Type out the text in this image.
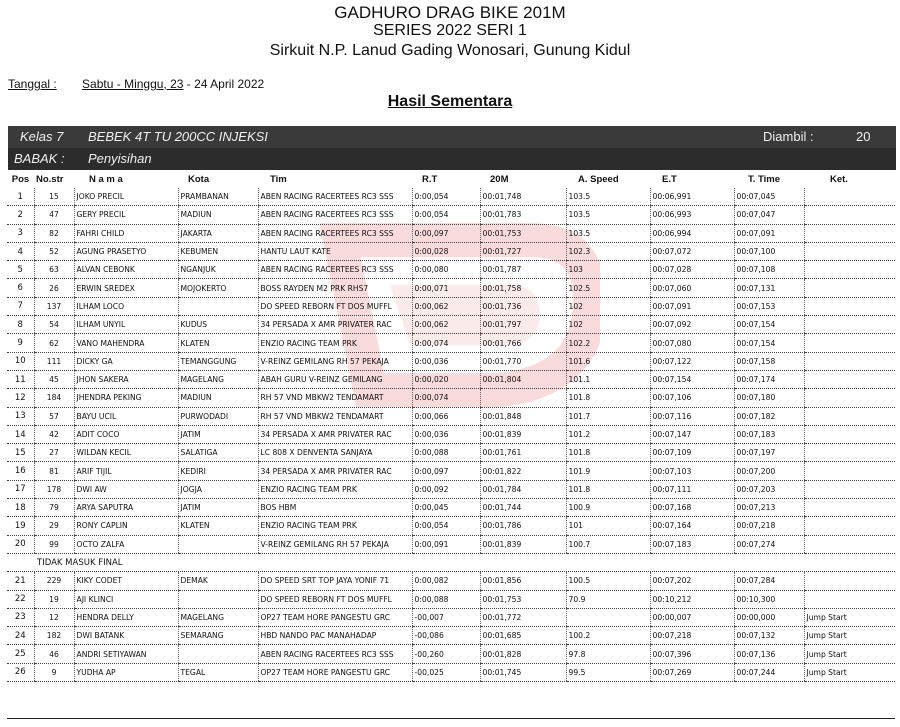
GADHURO DRAG BIKE 201M
SERIES 2022 SERI 1
Sirkuit N.P. Lanud Gading Wonosari, Gunung Kidul
Tanggal : Sabtu - Minggu, 23 - 24 April 2022
Hasil Sementara
Kelas 7 BEBEK 4T TU 200CC INJEKSI	Diambil :	20
BABAK : Penyisihan
Pos	No.str	N a m a	Kota	Tim	R.T	20M	A. Speed	E.T	T. Time	Ket.
1	15	JOKO PRECIL	PRAMBANAN	ABEN RACING RACERTEES RC3 SSS	0:00,054	00:01,748	103.5	00:06,991	00:07,045	
2	47	GERY PRECIL	MADIUN	ABEN RACING RACERTEES RC3 SSS	0:00,054	00:01,783	103.5	00:06,993	00:07,047	
3	82	FAHRI CHILD	JAKARTA	ABEN RACING RACERTEES RC3 SSS	0:00,097	00:01,753	103.5	00:06,994	00:07,091	
4	52	AGUNG PRASETYO	KEBUMEN	HANTU LAUT KATE	0:00,028	00:01,727	102.3	00:07,072	00:07,100	
5	63	ALVAN CEBONK	NGANJUK	ABEN RACING RACERTEES RC3 SSS	0:00,080	00:01,787	103	00:07,028	00:07,108	
6	26	ERWIN SREDEX	MOJOKERTO	BOSS RAYDEN M2 PRK RHS7	0:00,071	00:01,758	102.5	00:07,060	00:07,131	
7	137	ILHAM LOCO		DO SPEED REBORN FT DOS MUFFL	0:00,062	00:01,736	102	00:07,091	00:07,153	
8	54	ILHAM UNYIL	KUDUS	34 PERSADA X AMR PRIVATER RAC	0:00,062	00:01,797	102	00:07,092	00:07,154	
9	62	VANO MAHENDRA	KLATEN	ENZIO RACING TEAM PRK	0:00,074	00:01,766	102.2	00:07,080	00:07,154	
10	111	DICKY GA	TEMANGGUNG	V-REINZ GEMILANG RH 57 PEKAJA	0:00,036	00:01,770	101.6	00:07,122	00:07,158	
11	45	JHON SAKERA	MAGELANG	ABAH GURU V-REINZ GEMILANG	0:00,020	00:01,804	101.1	00:07,154	00:07,174	
12	184	JHENDRA PEKING	MADIUN	RH 57 VND MBKW2 TENDAMART	0:00,074		101.8	00:07,106	00:07,180	
13	57	BAYU UCIL	PURWODADI	RH 57 VND MBKW2 TENDAMART	0:00,066	00:01,848	101.7	00:07,116	00:07,182	
14	42	ADIT COCO	JATIM	34 PERSADA X AMR PRIVATER RAC	0:00,036	00:01,839	101.2	00:07,147	00:07,183	
15	27	WILDAN KECIL	SALATIGA	LC 808 X DENVENTA SANJAYA	0:00,088	00:01,761	101.8	00:07,109	00:07,197	
16	81	ARIF TIJIL	KEDIRI	34 PERSADA X AMR PRIVATER RAC	0:00,097	00:01,822	101.9	00:07,103	00:07,200	
17	178	DWI AW	JOGJA	ENZIO RACING TEAM PRK	0:00,092	00:01,784	101.8	00:07,111	00:07,203	
18	79	ARYA SAPUTRA	JATIM	BOS HBM	0:00,045	00:01,744	100.9	00:07,168	00:07,213	
19	29	RONY CAPLIN	KLATEN	ENZIO RACING TEAM PRK	0:00,054	00:01,786	101	00:07,164	00:07,218	
20	99	OCTO ZALFA		V-REINZ GEMILANG RH 57 PEKAJA	0:00,091	00:01,839	100.7	00:07,183	00:07,274	
TIDAK MASUK FINAL										
21	229	KIKY CODET	DEMAK	DO SPEED SRT TOP JAYA YONIF 71	0:00,082	00:01,856	100.5	00:07,202	00:07,284	
22	19	AJI KLINCI		DO SPEED REBORN FT DOS MUFFL	0:00,088	00:01,753	70.9	00:10,212	00:10,300	
23	12	HENDRA DELLY	MAGELANG	OP27 TEAM HORE PANGESTU GRC	-00,007	00:01,772		00:00,007	00:00,000	Jump Start
24	182	DWI BATANK	SEMARANG	HBD NANDO PAC MANAHADAP	-00,086	00:01,685	100.2	00:07,218	00:07,132	Jump Start
25	46	ANDRI SETIYAWAN		ABEN RACING RACERTEES RC3 SSS	-00,260	00:01,828	97.8	00:07,396	00:07,136	Jump Start
26	9	YUDHA AP	TEGAL	OP27 TEAM HORE PANGESTU GRC	-00,025	00:01,745	99.5	00:07,269	00:07,244	Jump Start
